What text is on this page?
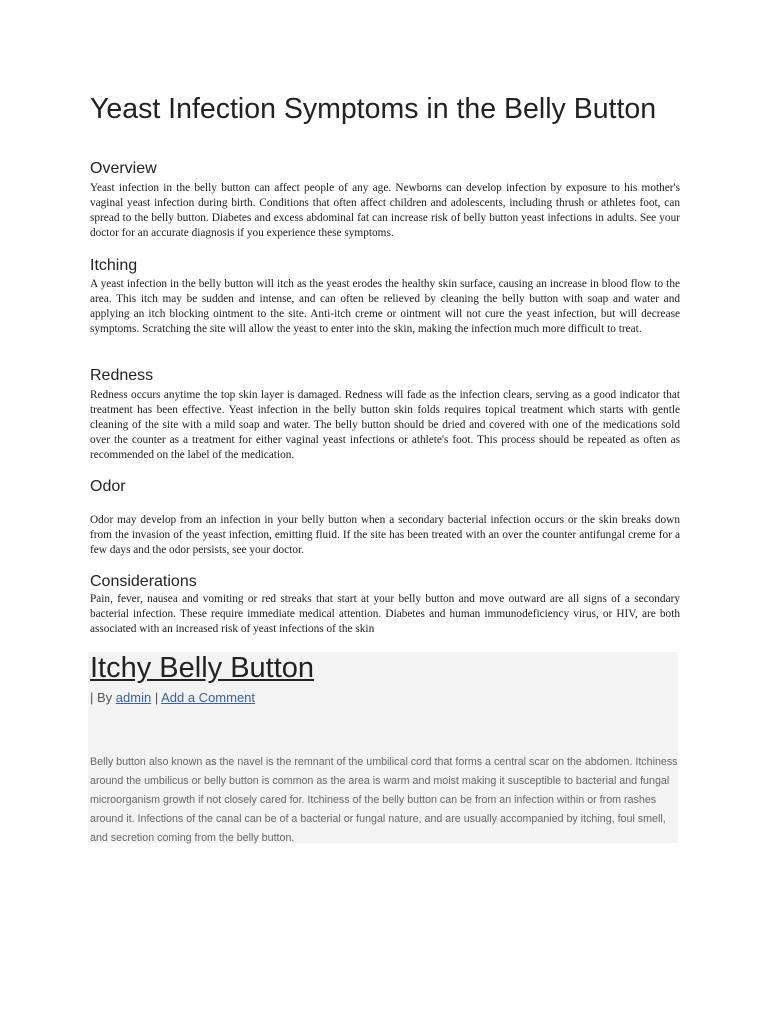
Yeast Infection Symptoms in the Belly Button
Overview

Yeast infection in the belly button can affect people of any age. Newborns can develop infection by exposure to his mother's vaginal yeast infection during birth. Conditions that often affect children and adolescents, including thrush or athletes foot, can spread to the belly button. Diabetes and excess abdominal fat can increase risk of belly button yeast infections in adults. See your doctor for an accurate diagnosis if you experience these symptoms.

Itching

A yeast infection in the belly button will itch as the yeast erodes the healthy skin surface, causing an increase in blood flow to the area. This itch may be sudden and intense, and can often be relieved by cleaning the belly button with soap and water and applying an itch blocking ointment to the site. Anti-itch creme or ointment will not cure the yeast infection, but will decrease symptoms. Scratching the site will allow the yeast to enter into the skin, making the infection much more difficult to treat.

Redness

Redness occurs anytime the top skin layer is damaged. Redness will fade as the infection clears, serving as a good indicator that treatment has been effective. Yeast infection in the belly button skin folds requires topical treatment which starts with gentle cleaning of the site with a mild soap and water. The belly button should be dried and covered with one of the medications sold over the counter as a treatment for either vaginal yeast infections or athlete's foot. This process should be repeated as often as recommended on the label of the medication.

Odor

Odor may develop from an infection in your belly button when a secondary bacterial infection occurs or the skin breaks down from the invasion of the yeast infection, emitting fluid. If the site has been treated with an over the counter antifungal creme for a few days and the odor persists, see your doctor.

Considerations

Pain, fever, nausea and vomiting or red streaks that start at your belly button and move outward are all signs of a secondary bacterial infection. These require immediate medical attention. Diabetes and human immunodeficiency virus, or HIV, are both associated with an increased risk of yeast infections of the skin

Itchy Belly Button
| By admin | Add a Comment

Belly button also known as the navel is the remnant of the umbilical cord that forms a central scar on the abdomen. Itchiness around the umbilicus or belly button is common as the area is warm and moist making it susceptible to bacterial and fungal microorganism growth if not closely cared for. Itchiness of the belly button can be from an infection within or from rashes around it. Infections of the canal can be of a bacterial or fungal nature, and are usually accompanied by itching, foul smell, and secretion coming from the belly button.
